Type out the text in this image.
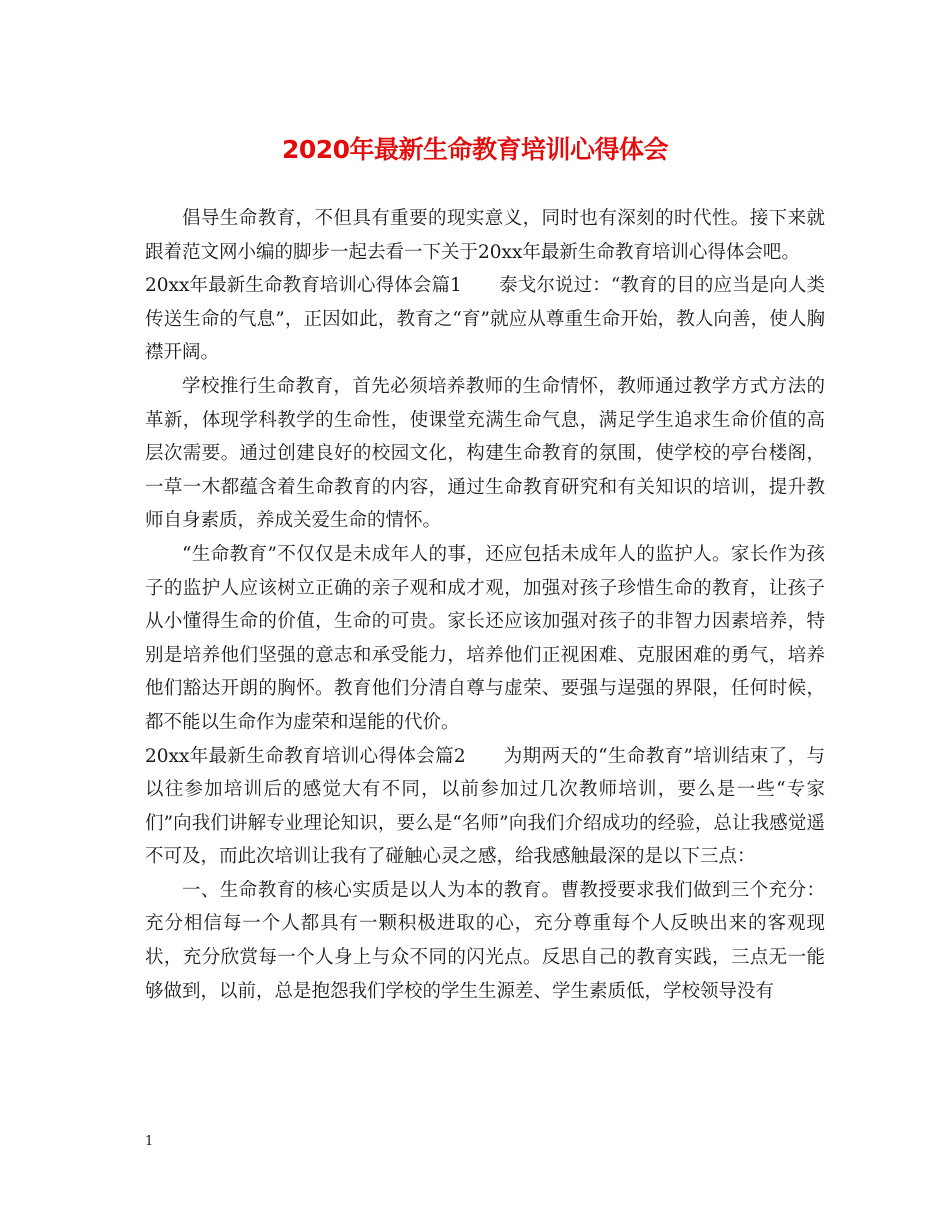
2020年最新生命教育培训心得体会

倡导生命教育，不但具有重要的现实意义，同时也有深刻的时代性。接下来就跟着范文网小编的脚步一起去看一下关于20xx年最新生命教育培训心得体会吧。

20xx年最新生命教育培训心得体会篇1　　泰戈尔说过：“教育的目的应当是向人类传送生命的气息”，正因如此，教育之“育”就应从尊重生命开始，教人向善，使人胸襟开阔。

学校推行生命教育，首先必须培养教师的生命情怀，教师通过教学方式方法的革新，体现学科教学的生命性，使课堂充满生命气息，满足学生追求生命价值的高层次需要。通过创建良好的校园文化，构建生命教育的氛围，使学校的亭台楼阁，一草一木都蕴含着生命教育的内容，通过生命教育研究和有关知识的培训，提升教师自身素质，养成关爱生命的情怀。

“生命教育”不仅仅是未成年人的事，还应包括未成年人的监护人。家长作为孩子的监护人应该树立正确的亲子观和成才观，加强对孩子珍惜生命的教育，让孩子从小懂得生命的价值，生命的可贵。家长还应该加强对孩子的非智力因素培养，特别是培养他们坚强的意志和承受能力，培养他们正视困难、克服困难的勇气，培养他们豁达开朗的胸怀。教育他们分清自尊与虚荣、要强与逞强的界限，任何时候，都不能以生命作为虚荣和逞能的代价。

20xx年最新生命教育培训心得体会篇2　　为期两天的“生命教育”培训结束了，与以往参加培训后的感觉大有不同，以前参加过几次教师培训，要么是一些“专家们”向我们讲解专业理论知识，要么是“名师”向我们介绍成功的经验，总让我感觉遥不可及，而此次培训让我有了碰触心灵之感，给我感触最深的是以下三点：

一、生命教育的核心实质是以人为本的教育。曹教授要求我们做到三个充分：充分相信每一个人都具有一颗积极进取的心，充分尊重每个人反映出来的客观现状，充分欣赏每一个人身上与众不同的闪光点。反思自己的教育实践，三点无一能够做到，以前，总是抱怨我们学校的学生生源差、学生素质低，学校领导没有

1
